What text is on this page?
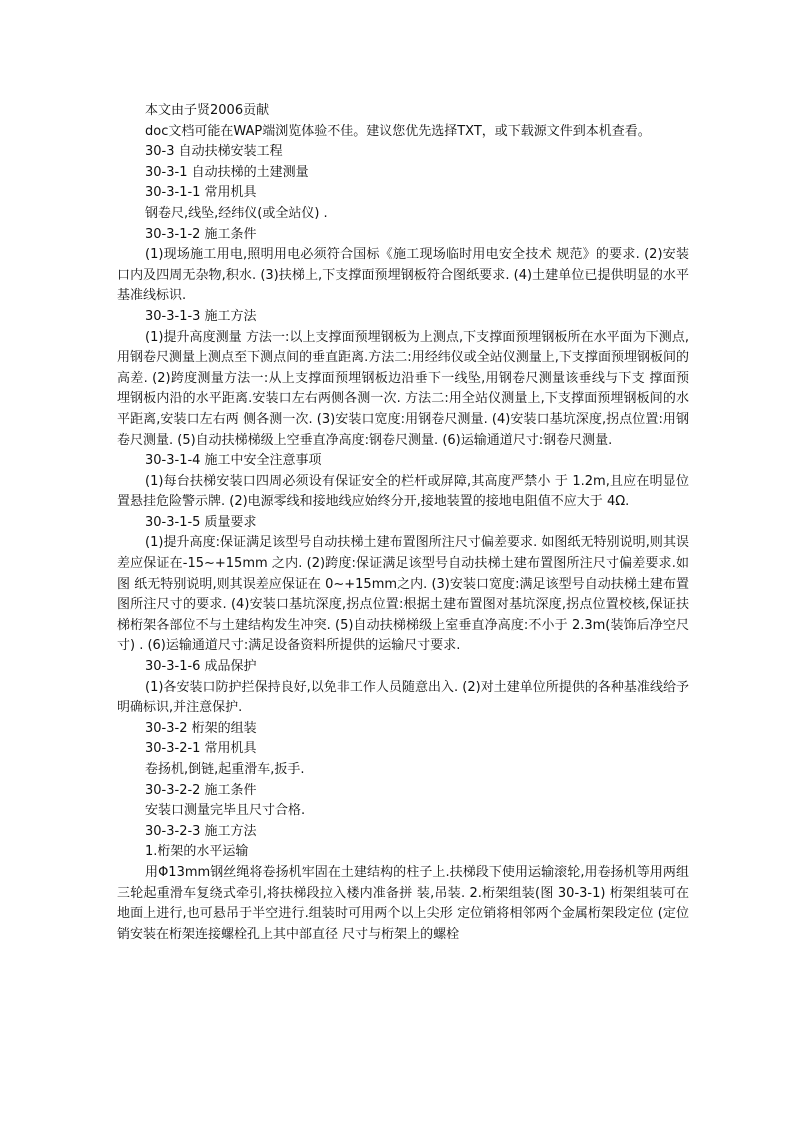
本文由子贤2006贡献
doc文档可能在WAP端浏览体验不佳。建议您优先选择TXT，或下载源文件到本机查看。
30-3 自动扶梯安装工程
30-3-1 自动扶梯的土建测量
30-3-1-1 常用机具
钢卷尺,线坠,经纬仪(或全站仪) .
30-3-1-2 施工条件
(1)现场施工用电,照明用电必须符合国标《施工现场临时用电安全技术 规范》的要求. (2)安装口内及四周无杂物,积水. (3)扶梯上,下支撑面预埋钢板符合图纸要求. (4)土建单位已提供明显的水平基准线标识.
30-3-1-3 施工方法
(1)提升高度测量 方法一:以上支撑面预埋钢板为上测点,下支撑面预埋钢板所在水平面为下测点,用钢卷尺测量上测点至下测点间的垂直距离.方法二:用经纬仪或全站仪测量上,下支撑面预埋钢板间的高差. (2)跨度测量方法一:从上支撑面预埋钢板边沿垂下一线坠,用钢卷尺测量该垂线与下支 撑面预埋钢板内沿的水平距离.安装口左右两侧各测一次. 方法二:用全站仪测量上,下支撑面预埋钢板间的水平距离,安装口左右两 侧各测一次. (3)安装口宽度:用钢卷尺测量. (4)安装口基坑深度,拐点位置:用钢卷尺测量. (5)自动扶梯梯级上空垂直净高度:钢卷尺测量. (6)运输通道尺寸:钢卷尺测量.
30-3-1-4 施工中安全注意事项
(1)每台扶梯安装口四周必须设有保证安全的栏杆或屏障,其高度严禁小 于 1.2m,且应在明显位置悬挂危险警示牌. (2)电源零线和接地线应始终分开,接地装置的接地电阻值不应大于 4Ω.
30-3-1-5 质量要求
(1)提升高度:保证满足该型号自动扶梯土建布置图所注尺寸偏差要求. 如图纸无特别说明,则其误差应保证在-15~+15mm 之内. (2)跨度:保证满足该型号自动扶梯土建布置图所注尺寸偏差要求.如图 纸无特别说明,则其误差应保证在 0~+15mm之内. (3)安装口宽度:满足该型号自动扶梯土建布置图所注尺寸的要求. (4)安装口基坑深度,拐点位置:根据土建布置图对基坑深度,拐点位置校核,保证扶梯桁架各部位不与土建结构发生冲突. (5)自动扶梯梯级上室垂直净高度:不小于 2.3m(装饰后净空尺寸) . (6)运输通道尺寸:满足设备资料所提供的运输尺寸要求.
30-3-1-6 成品保护
(1)各安装口防护拦保持良好,以免非工作人员随意出入. (2)对土建单位所提供的各种基准线给予明确标识,并注意保护.
30-3-2 桁架的组装
30-3-2-1 常用机具
卷扬机,倒链,起重滑车,扳手.
30-3-2-2 施工条件
安装口测量完毕且尺寸合格.
30-3-2-3 施工方法
1.桁架的水平运输
用Φ13mm钢丝绳将卷扬机牢固在土建结构的柱子上.扶梯段下使用运输滚轮,用卷扬机等用两组三轮起重滑车复绕式牵引,将扶梯段拉入楼内准备拼 装,吊装. 2.桁架组装(图 30-3-1) 桁架组装可在地面上进行,也可悬吊于半空进行.组装时可用两个以上尖形 定位销将相邻两个金属桁架段定位 (定位销安装在桁架连接螺栓孔上其中部直径 尺寸与桁架上的螺栓
